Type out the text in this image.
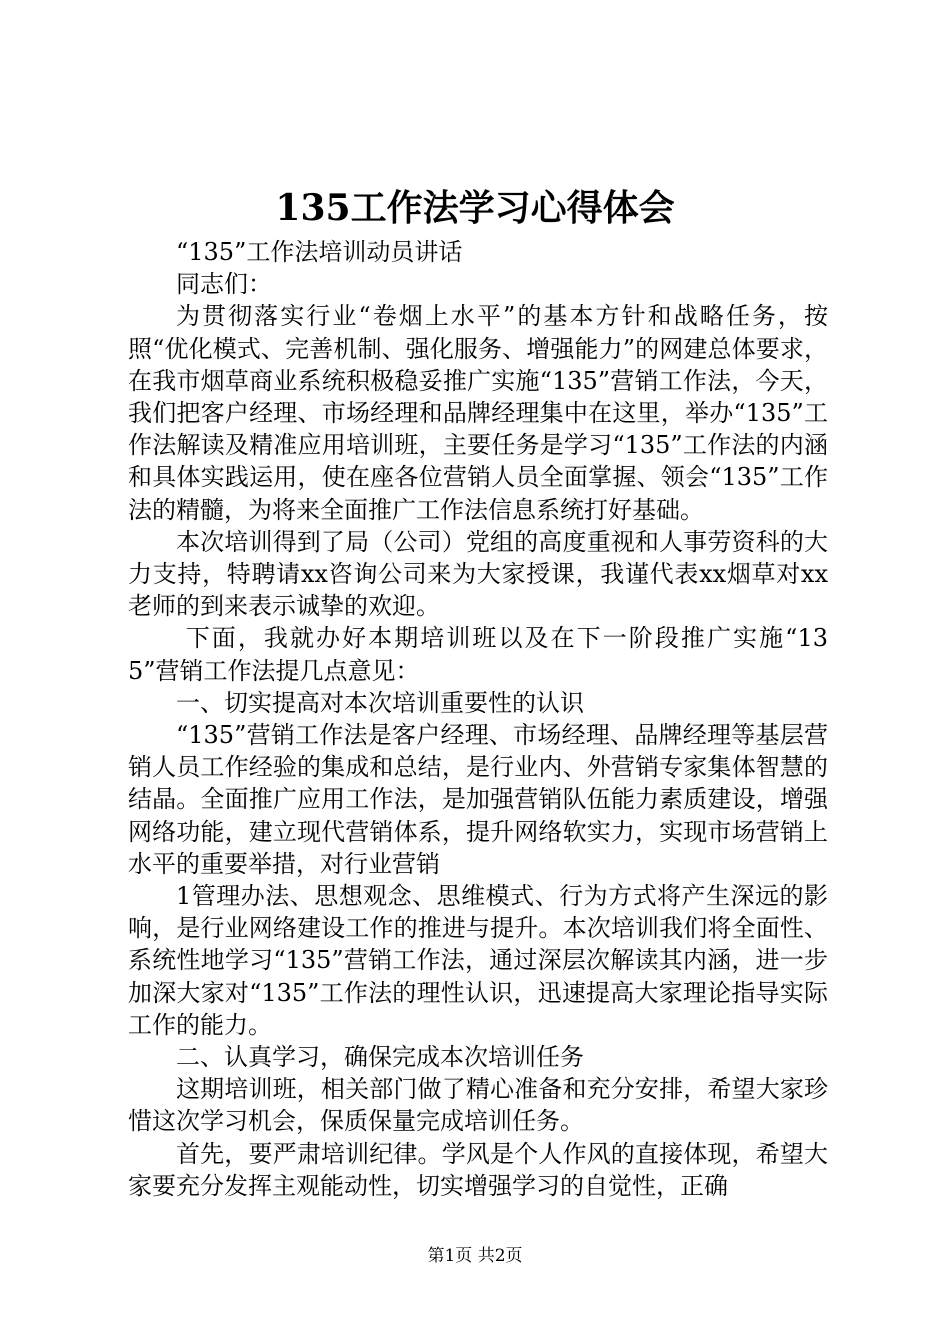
135工作法学习心得体会

“135”工作法培训动员讲话

同志们：

为贯彻落实行业“卷烟上水平”的基本方针和战略任务，按照“优化模式、完善机制、强化服务、增强能力”的网建总体要求，在我市烟草商业系统积极稳妥推广实施“135”营销工作法，今天，我们把客户经理、市场经理和品牌经理集中在这里，举办“135”工作法解读及精准应用培训班，主要任务是学习“135”工作法的内涵和具体实践运用，使在座各位营销人员全面掌握、领会“135”工作法的精髓，为将来全面推广工作法信息系统打好基础。

本次培训得到了局（公司）党组的高度重视和人事劳资科的大力支持，特聘请xx咨询公司来为大家授课，我谨代表xx烟草对xx老师的到来表示诚挚的欢迎。

下面，我就办好本期培训班以及在下一阶段推广实施“135”营销工作法提几点意见：

一、切实提高对本次培训重要性的认识

“135”营销工作法是客户经理、市场经理、品牌经理等基层营销人员工作经验的集成和总结，是行业内、外营销专家集体智慧的结晶。全面推广应用工作法，是加强营销队伍能力素质建设，增强网络功能，建立现代营销体系，提升网络软实力，实现市场营销上水平的重要举措，对行业营销

1管理办法、思想观念、思维模式、行为方式将产生深远的影响，是行业网络建设工作的推进与提升。本次培训我们将全面性、系统性地学习“135”营销工作法，通过深层次解读其内涵，进一步加深大家对“135”工作法的理性认识，迅速提高大家理论指导实际工作的能力。

二、认真学习，确保完成本次培训任务

这期培训班，相关部门做了精心准备和充分安排，希望大家珍惜这次学习机会，保质保量完成培训任务。

首先，要严肃培训纪律。学风是个人作风的直接体现，希望大家要充分发挥主观能动性，切实增强学习的自觉性，正确

第1页 共2页
